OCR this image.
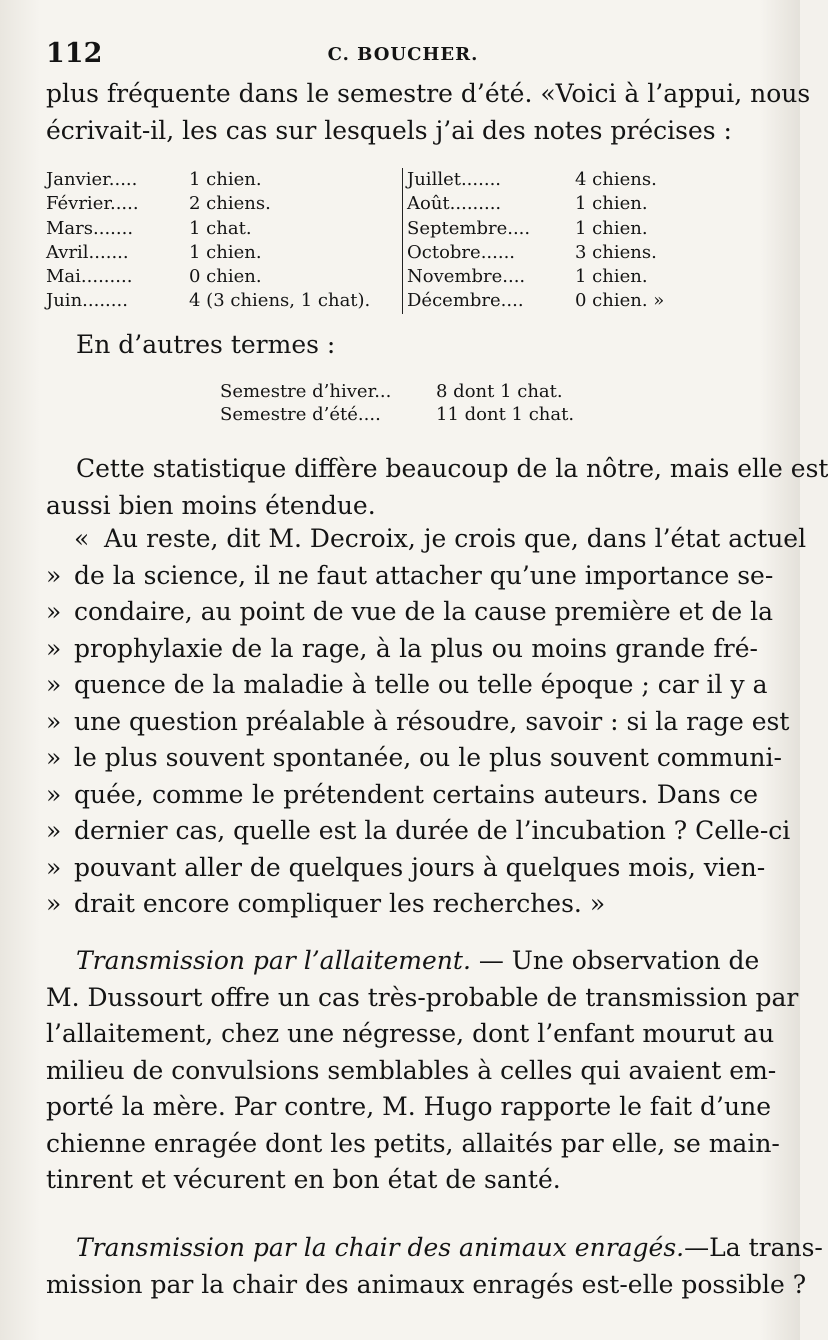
112	C. BOUCHER.
plus fréquente dans le semestre d’été. «Voici à l’appui, nous
écrivait-il, les cas sur lesquels j’ai des notes précises :
Janvier.....	1 chien.
Février.....	2 chiens.
Mars.......	1 chat.
Avril.......	1 chien.
Mai.........	0 chien.
Juin........	4 (3 chiens, 1 chat).
Juillet.......	4 chiens.
Août.........	1 chien.
Septembre.... 1 chien.
Octobre......	3 chiens.
Novembre....	1 chien.
Décembre....	0 chien. »
En d’autres termes :
Semestre d’hiver... 8 dont 1 chat.
Semestre d’été....	11 dont 1 chat.
Cette statistique diffère beaucoup de la nôtre, mais elle est
aussi bien moins étendue.
« Au reste, dit M. Decroix, je crois que, dans l’état actuel
» de la science, il ne faut attacher qu’une importance se-
» condaire, au point de vue de la cause première et de la
» prophylaxie de la rage, à la plus ou moins grande fré-
» quence de la maladie à telle ou telle époque ; car il y a
» une question préalable à résoudre, savoir : si la rage est
» le plus souvent spontanée, ou le plus souvent communi-
» quée, comme le prétendent certains auteurs. Dans ce
» dernier cas, quelle est la durée de l’incubation ? Celle-ci
» pouvant aller de quelques jours à quelques mois, vien-
» drait encore compliquer les recherches. »
Transmission par l’allaitement. — Une observation de
M. Dussourt offre un cas très-probable de transmission par
l’allaitement, chez une négresse, dont l’enfant mourut au
milieu de convulsions semblables à celles qui avaient em-
porté la mère. Par contre, M. Hugo rapporte le fait d’une
chienne enragée dont les petits, allaités par elle, se main-
tinrent et vécurent en bon état de santé.
Transmission par la chair des animaux enragés.—La trans-
mission par la chair des animaux enragés est-elle possible ?
